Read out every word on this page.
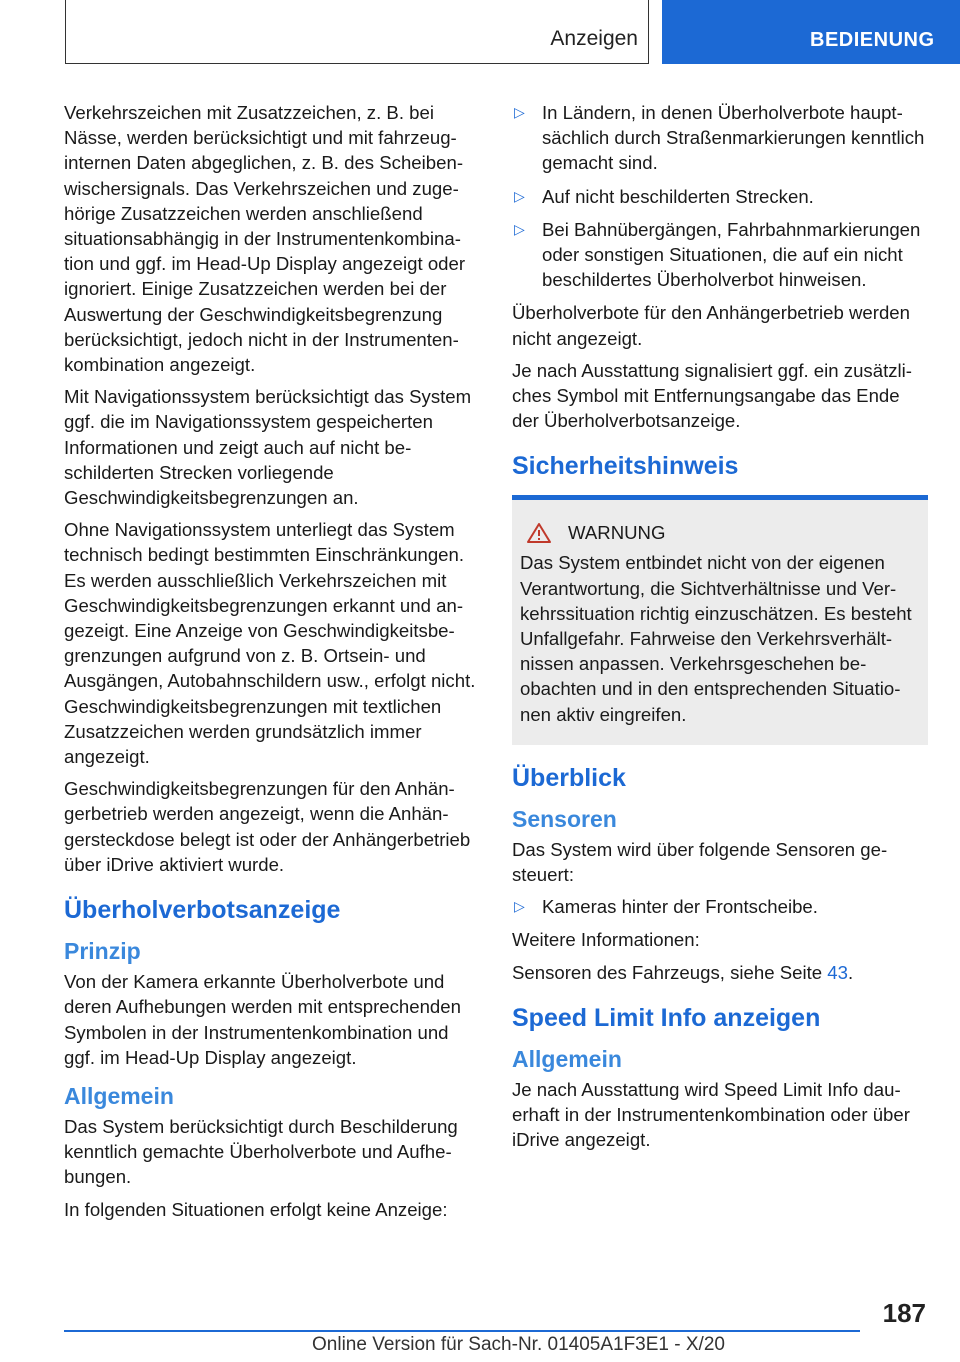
Anzeigen	BEDIENUNG

Verkehrszeichen mit Zusatzzeichen, z. B. bei Nässe, werden berücksichtigt und mit fahrzeuginternen Daten abgeglichen, z. B. des Scheibenwischersignals. Das Verkehrszeichen und zugehörige Zusatzzeichen werden anschließend situationsabhängig in der Instrumentenkombination und ggf. im Head-Up Display angezeigt oder ignoriert. Einige Zusatzzeichen werden bei der Auswertung der Geschwindigkeitsbegrenzung berücksichtigt, jedoch nicht in der Instrumentenkombination angezeigt.

Mit Navigationssystem berücksichtigt das System ggf. die im Navigationssystem gespeicherten Informationen und zeigt auch auf nicht beschilderten Strecken vorliegende Geschwindigkeitsbegrenzungen an.

Ohne Navigationssystem unterliegt das System technisch bedingt bestimmten Einschränkungen. Es werden ausschließlich Verkehrszeichen mit Geschwindigkeitsbegrenzungen erkannt und angezeigt. Eine Anzeige von Geschwindigkeitsbegrenzungen aufgrund von z. B. Ortsein- und Ausgängen, Autobahnschildern usw., erfolgt nicht. Geschwindigkeitsbegrenzungen mit textlichen Zusatzzeichen werden grundsätzlich immer angezeigt.

Geschwindigkeitsbegrenzungen für den Anhängerbetrieb werden angezeigt, wenn die Anhängersteckdose belegt ist oder der Anhängerbetrieb über iDrive aktiviert wurde.

Überholverbotsanzeige
Prinzip

Von der Kamera erkannte Überholverbote und deren Aufhebungen werden mit entsprechenden Symbolen in der Instrumentenkombination und ggf. im Head-Up Display angezeigt.

Allgemein

Das System berücksichtigt durch Beschilderung kenntlich gemachte Überholverbote und Aufhebungen.

In folgenden Situationen erfolgt keine Anzeige:

▷ In Ländern, in denen Überholverbote hauptsächlich durch Straßenmarkierungen kenntlich gemacht sind.
▷ Auf nicht beschilderten Strecken.
▷ Bei Bahnübergängen, Fahrbahnmarkierungen oder sonstigen Situationen, die auf ein nicht beschildertes Überholverbot hinweisen.

Überholverbote für den Anhängerbetrieb werden nicht angezeigt.

Je nach Ausstattung signalisiert ggf. ein zusätzliches Symbol mit Entfernungsangabe das Ende der Überholverbotsanzeige.

Sicherheitshinweis
WARNUNG

Das System entbindet nicht von der eigenen Verantwortung, die Sichtverhältnisse und Verkehrssituation richtig einzuschätzen. Es besteht Unfallgefahr. Fahrweise den Verkehrsverhältnissen anpassen. Verkehrsgeschehen beobachten und in den entsprechenden Situationen aktiv eingreifen.

Überblick
Sensoren

Das System wird über folgende Sensoren gesteuert:

▷ Kameras hinter der Frontscheibe.

Weitere Informationen:

Sensoren des Fahrzeugs, siehe Seite 43.

Speed Limit Info anzeigen
Allgemein

Je nach Ausstattung wird Speed Limit Info dauerhaft in der Instrumentenkombination oder über iDrive angezeigt.

187
Online Version für Sach-Nr. 01405A1F3E1 - X/20
